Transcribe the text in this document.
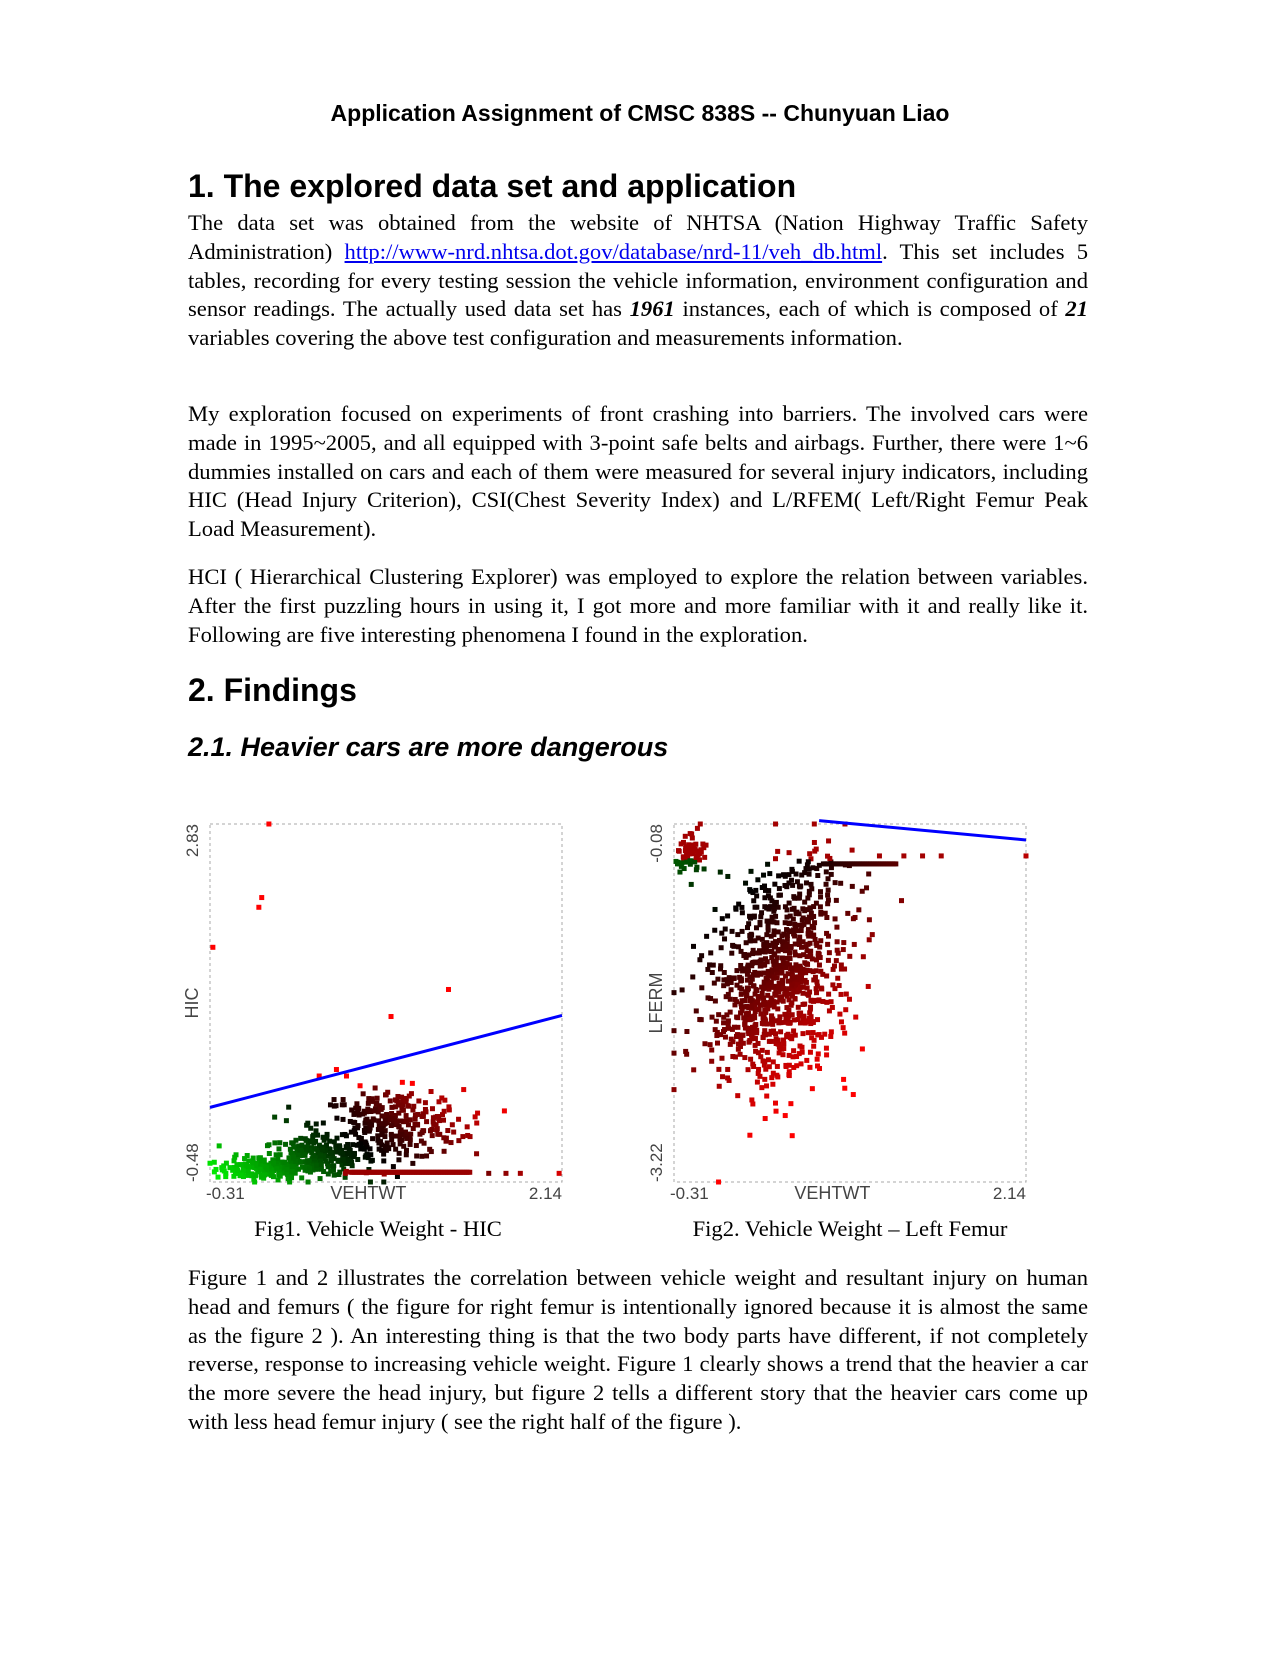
Application Assignment of CMSC 838S -- Chunyuan Liao
1. The explored data set and application

The data set was obtained from the website of NHTSA (Nation Highway Traffic Safety Administration) http://www-nrd.nhtsa.dot.gov/database/nrd-11/veh_db.html. This set includes 5 tables, recording for every testing session the vehicle information, environment configuration and sensor readings. The actually used data set has 1961 instances, each of which is composed of 21 variables covering the above test configuration and measurements information.

My exploration focused on experiments of front crashing into barriers. The involved cars were made in 1995~2005, and all equipped with 3-point safe belts and airbags. Further, there were 1~6 dummies installed on cars and each of them were measured for several injury indicators, including HIC (Head Injury Criterion), CSI(Chest Severity Index) and L/RFEM( Left/Right Femur Peak Load Measurement).

HCI ( Hierarchical Clustering Explorer) was employed to explore the relation between variables. After the first puzzling hours in using it, I got more and more familiar with it and really like it. Following are five interesting phenomena I found in the exploration.

2. Findings
2.1. Heavier cars are more dangerous
-0.31	2.14
VEHTWT
-0.48
2.83
HIC
-0.31	2.14
VEHTWT
-3.22
-0.08
LFERM
Fig1. Vehicle Weight - HIC	Fig2. Vehicle Weight – Left Femur

Figure 1 and 2 illustrates the correlation between vehicle weight and resultant injury on human head and femurs ( the figure for right femur is intentionally ignored because it is almost the same as the figure 2 ). An interesting thing is that the two body parts have different, if not completely reverse, response to increasing vehicle weight. Figure 1 clearly shows a trend that the heavier a car the more severe the head injury, but figure 2 tells a different story that the heavier cars come up with less head femur injury ( see the right half of the figure ).
